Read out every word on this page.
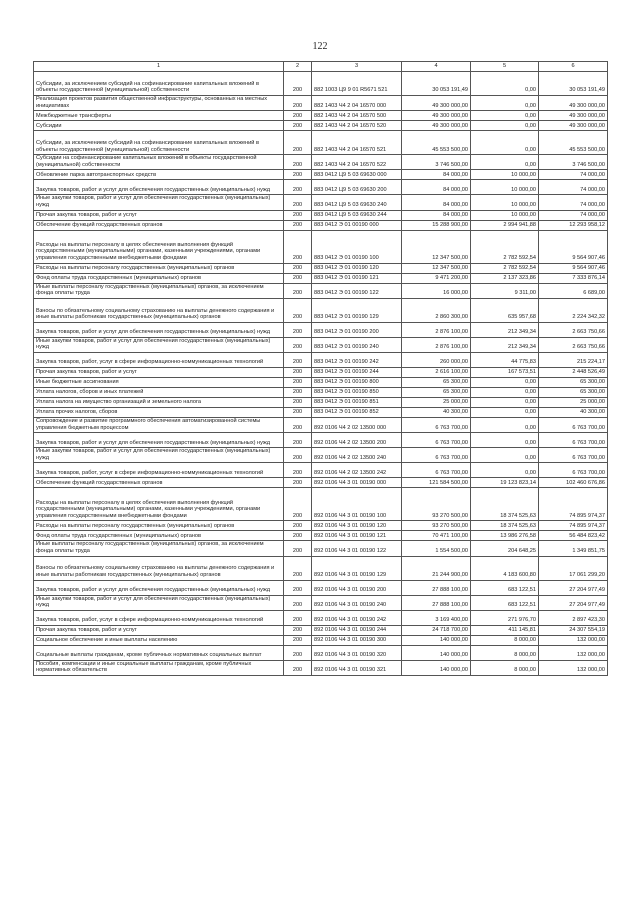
122
1	2	3	4	5	6
Субсидии, за исключением субсидий на софинансирование капитальных вложений в объекты государственной (муниципальной) собственности	200	882 1003 Ц9 9 01 R5671 521	30 053 191,49	0,00	30 053 191,49
Реализация проектов развития общественной инфраструктуры, основанных на местных инициативах	200	882 1403 Ч4 2 04 16570 000	49 300 000,00	0,00	49 300 000,00
Межбюджетные трансферты	200	882 1403 Ч4 2 04 16570 500	49 300 000,00	0,00	49 300 000,00
Субсидии	200	882 1403 Ч4 2 04 16570 520	49 300 000,00	0,00	49 300 000,00
Субсидии, за исключением субсидий на софинансирование капитальных вложений в объекты государственной (муниципальной) собственности	200	882 1403 Ч4 2 04 16570 521	45 553 500,00	0,00	45 553 500,00
Субсидии на софинансирование капитальных вложений в объекты государственной (муниципальной) собственности	200	882 1403 Ч4 2 04 16570 522	3 746 500,00	0,00	3 746 500,00
Обновление парка автотранспортных средств	200	883 0412 Ц9 5 03 69630 000	84 000,00	10 000,00	74 000,00
Закупка товаров, работ и услуг для обеспечения государственных (муниципальных) нужд	200	883 0412 Ц9 5 03 69630 200	84 000,00	10 000,00	74 000,00
Иные закупки товаров, работ и услуг для обеспечения государственных (муниципальных) нужд	200	883 0412 Ц9 5 03 69630 240	84 000,00	10 000,00	74 000,00
Прочая закупка товаров, работ и услуг	200	883 0412 Ц9 5 03 69630 244	84 000,00	10 000,00	74 000,00
Обеспечение функций государственных органов	200	883 0412 Э 01 00190 000	15 288 900,00	2 994 941,88	12 293 958,12
Расходы на выплаты персоналу в целях обеспечения выполнения функций государственными (муниципальными) органами, казенными учреждениями, органами управления государственными внебюджетными фондами	200	883 0412 Э 01 00190 100	12 347 500,00	2 782 592,54	9 564 907,46
Расходы на выплаты персоналу государственных (муниципальных) органов	200	883 0412 Э 01 00190 120	12 347 500,00	2 782 592,54	9 564 907,46
Фонд оплаты труда государственных (муниципальных) органов	200	883 0412 Э 01 00190 121	9 471 200,00	2 137 323,86	7 333 876,14
Иные выплаты персоналу государственных (муниципальных) органов, за исключением фонда оплаты труда	200	883 0412 Э 01 00190 122	16 000,00	9 311,00	6 689,00
Взносы по обязательному социальному страхованию на выплаты денежного содержания и иные выплаты работникам государственных (муниципальных) органов	200	883 0412 Э 01 00190 129	2 860 300,00	635 957,68	2 224 342,32
Закупка товаров, работ и услуг для обеспечения государственных (муниципальных) нужд	200	883 0412 Э 01 00190 200	2 876 100,00	212 349,34	2 663 750,66
Иные закупки товаров, работ и услуг для обеспечения государственных (муниципальных) нужд	200	883 0412 Э 01 00190 240	2 876 100,00	212 349,34	2 663 750,66
Закупка товаров, работ, услуг в сфере информационно-коммуникационных технологий	200	883 0412 Э 01 00190 242	260 000,00	44 775,83	215 224,17
Прочая закупка товаров, работ и услуг	200	883 0412 Э 01 00190 244	2 616 100,00	167 573,51	2 448 526,49
Иные бюджетные ассигнования	200	883 0412 Э 01 00190 800	65 300,00	0,00	65 300,00
Уплата налогов, сборов и иных платежей	200	883 0412 Э 01 00190 850	65 300,00	0,00	65 300,00
Уплата налога на имущество организаций и земельного налога	200	883 0412 Э 01 00190 851	25 000,00	0,00	25 000,00
Уплата прочих налогов, сборов	200	883 0412 Э 01 00190 852	40 300,00	0,00	40 300,00
Сопровождение и развитие программного обеспечения автоматизированной системы управления бюджетным процессом	200	892 0106 Ч4 2 02 13500 000	6 763 700,00	0,00	6 763 700,00
Закупка товаров, работ и услуг для обеспечения государственных (муниципальных) нужд	200	892 0106 Ч4 2 02 13500 200	6 763 700,00	0,00	6 763 700,00
Иные закупки товаров, работ и услуг для обеспечения государственных (муниципальных) нужд	200	892 0106 Ч4 2 02 13500 240	6 763 700,00	0,00	6 763 700,00
Закупка товаров, работ, услуг в сфере информационно-коммуникационных технологий	200	892 0106 Ч4 2 02 13500 242	6 763 700,00	0,00	6 763 700,00
Обеспечение функций государственных органов	200	892 0106 Ч4 3 01 00190 000	121 584 500,00	19 123 823,14	102 460 676,86
Расходы на выплаты персоналу в целях обеспечения выполнения функций государственными (муниципальными) органами, казенными учреждениями, органами управления государственными внебюджетными фондами	200	892 0106 Ч4 3 01 00190 100	93 270 500,00	18 374 525,63	74 895 974,37
Расходы на выплаты персоналу государственных (муниципальных) органов	200	892 0106 Ч4 3 01 00190 120	93 270 500,00	18 374 525,63	74 895 974,37
Фонд оплаты труда государственных (муниципальных) органов	200	892 0106 Ч4 3 01 00190 121	70 471 100,00	13 986 276,58	56 484 823,42
Иные выплаты персоналу государственных (муниципальных) органов, за исключением фонда оплаты труда	200	892 0106 Ч4 3 01 00190 122	1 554 500,00	204 648,25	1 349 851,75
Взносы по обязательному социальному страхованию на выплаты денежного содержания и иные выплаты работникам государственных (муниципальных) органов	200	892 0106 Ч4 3 01 00190 129	21 244 900,00	4 183 600,80	17 061 299,20
Закупка товаров, работ и услуг для обеспечения государственных (муниципальных) нужд	200	892 0106 Ч4 3 01 00190 200	27 888 100,00	683 122,51	27 204 977,49
Иные закупки товаров, работ и услуг для обеспечения государственных (муниципальных) нужд	200	892 0106 Ч4 3 01 00190 240	27 888 100,00	683 122,51	27 204 977,49
Закупка товаров, работ, услуг в сфере информационно-коммуникационных технологий	200	892 0106 Ч4 3 01 00190 242	3 169 400,00	271 976,70	2 897 423,30
Прочая закупка товаров, работ и услуг	200	892 0106 Ч4 3 01 00190 244	24 718 700,00	411 145,81	24 307 554,19
Социальное обеспечение и иные выплаты населению	200	892 0106 Ч4 3 01 00190 300	140 000,00	8 000,00	132 000,00
Социальные выплаты гражданам, кроме публичных нормативных социальных выплат	200	892 0106 Ч4 3 01 00190 320	140 000,00	8 000,00	132 000,00
Пособия, компенсации и иные социальные выплаты гражданам, кроме публичных нормативных обязательств	200	892 0106 Ч4 3 01 00190 321	140 000,00	8 000,00	132 000,00
